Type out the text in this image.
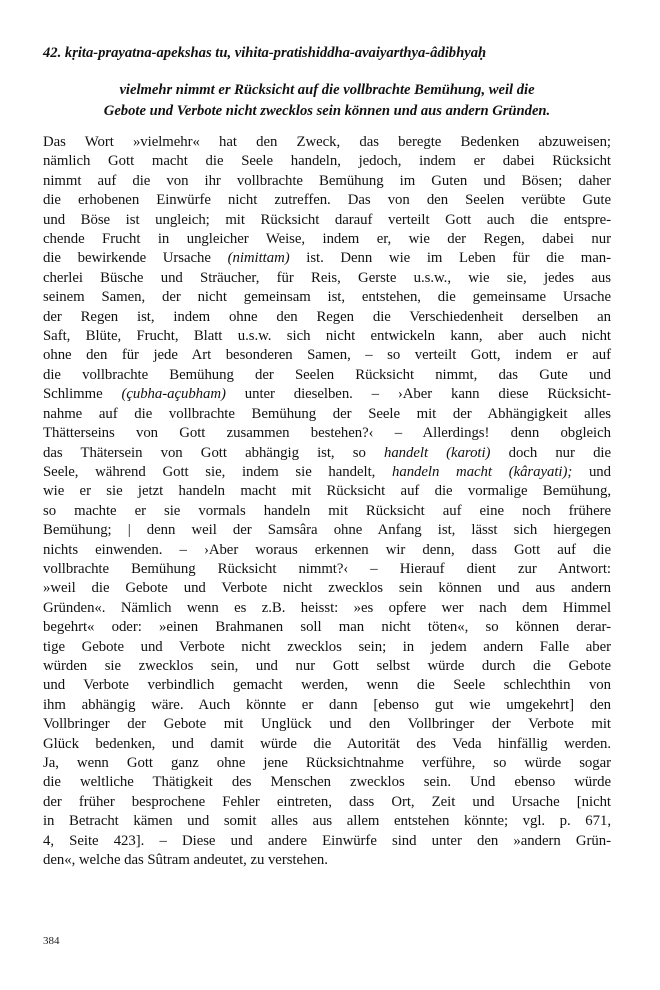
42. kṛita-prayatna-apekshas tu, vihita-pratishiddha-avaiyarthya-âdibhyaḥ
vielmehr nimmt er Rücksicht auf die vollbrachte Bemühung, weil die
Gebote und Verbote nicht zwecklos sein können und aus andern Gründen.
Das Wort »vielmehr« hat den Zweck, das beregte Bedenken abzuweisen;
nämlich Gott macht die Seele handeln, jedoch, indem er dabei Rücksicht
nimmt auf die von ihr vollbrachte Bemühung im Guten und Bösen; daher
die erhobenen Einwürfe nicht zutreffen. Das von den Seelen verübte Gute
und Böse ist ungleich; mit Rücksicht darauf verteilt Gott auch die entspre-
chende Frucht in ungleicher Weise, indem er, wie der Regen, dabei nur
die bewirkende Ursache (nimittam) ist. Denn wie im Leben für die man-
cherlei Büsche und Sträucher, für Reis, Gerste u.s.w., wie sie, jedes aus
seinem Samen, der nicht gemeinsam ist, entstehen, die gemeinsame Ursache
der Regen ist, indem ohne den Regen die Verschiedenheit derselben an
Saft, Blüte, Frucht, Blatt u.s.w. sich nicht entwickeln kann, aber auch nicht
ohne den für jede Art besonderen Samen, – so verteilt Gott, indem er auf
die vollbrachte Bemühung der Seelen Rücksicht nimmt, das Gute und
Schlimme (çubha-açubham) unter dieselben. – ›Aber kann diese Rücksicht-
nahme auf die vollbrachte Bemühung der Seele mit der Abhängigkeit alles
Thätterseins von Gott zusammen bestehen?‹ – Allerdings! denn obgleich
das Thätersein von Gott abhängig ist, so handelt (karoti) doch nur die
Seele, während Gott sie, indem sie handelt, handeln macht (kârayati); und
wie er sie jetzt handeln macht mit Rücksicht auf die vormalige Bemühung,
so machte er sie vormals handeln mit Rücksicht auf eine noch frühere
Bemühung; | denn weil der Samsâra ohne Anfang ist, lässt sich hiergegen
nichts einwenden. – ›Aber woraus erkennen wir denn, dass Gott auf die
vollbrachte Bemühung Rücksicht nimmt?‹ – Hierauf dient zur Antwort:
»weil die Gebote und Verbote nicht zwecklos sein können und aus andern
Gründen«. Nämlich wenn es z.B. heisst: »es opfere wer nach dem Himmel
begehrt« oder: »einen Brahmanen soll man nicht töten«, so können derar-
tige Gebote und Verbote nicht zwecklos sein; in jedem andern Falle aber
würden sie zwecklos sein, und nur Gott selbst würde durch die Gebote
und Verbote verbindlich gemacht werden, wenn die Seele schlechthin von
ihm abhängig wäre. Auch könnte er dann [ebenso gut wie umgekehrt] den
Vollbringer der Gebote mit Unglück und den Vollbringer der Verbote mit
Glück bedenken, und damit würde die Autorität des Veda hinfällig werden.
Ja, wenn Gott ganz ohne jene Rücksichtnahme verführe, so würde sogar
die weltliche Thätigkeit des Menschen zwecklos sein. Und ebenso würde
der früher besprochene Fehler eintreten, dass Ort, Zeit und Ursache [nicht
in Betracht kämen und somit alles aus allem entstehen könnte; vgl. p. 671,
4, Seite 423]. – Diese und andere Einwürfe sind unter den »andern Grün-
den«, welche das Sûtram andeutet, zu verstehen.
384
